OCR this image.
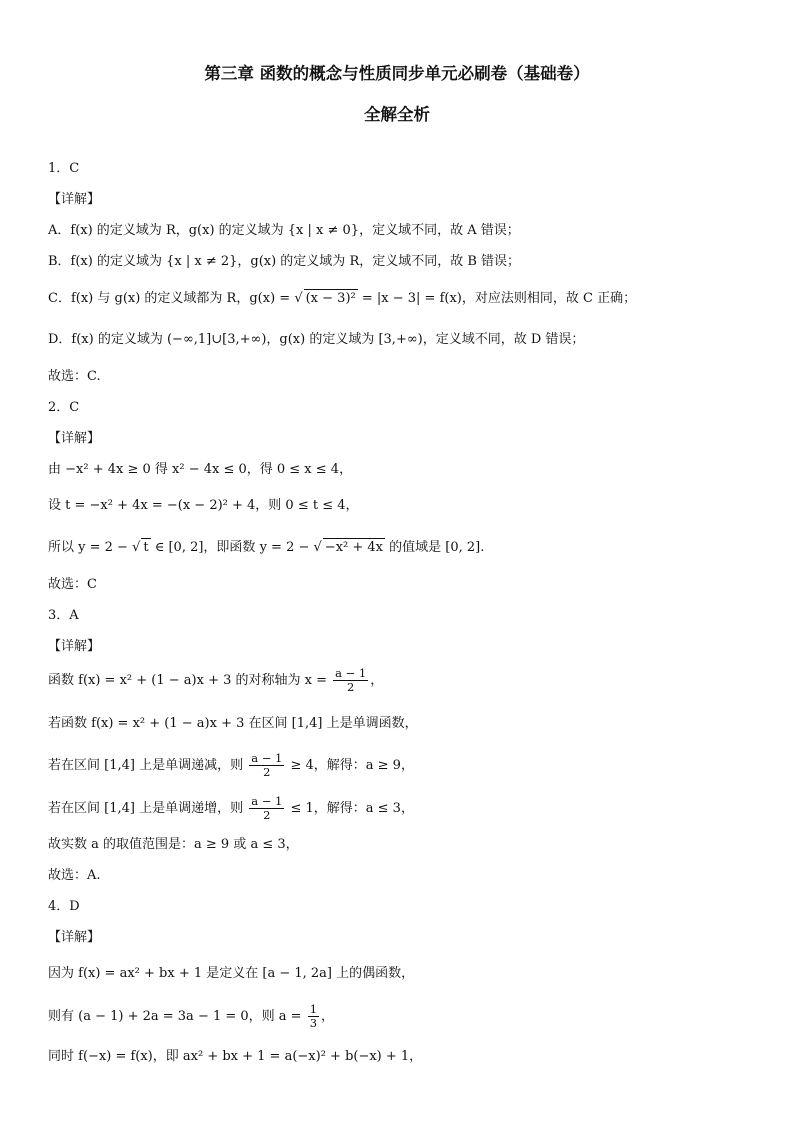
第三章 函数的概念与性质同步单元必刷卷（基础卷）
全解全析
1．C
【详解】
A．f(x) 的定义域为 R，g(x) 的定义域为 {x | x ≠ 0}，定义域不同，故 A 错误；
B．f(x) 的定义域为 {x | x ≠ 2}，g(x) 的定义域为 R，定义域不同，故 B 错误；
C．f(x) 与 g(x) 的定义域都为 R，g(x) = √ (x − 3)² = |x − 3| = f(x)，对应法则相同，故 C 正确；
D．f(x) 的定义域为 (−∞,1]∪[3,+∞)，g(x) 的定义域为 [3,+∞)，定义域不同，故 D 错误；
故选：C.
2．C
【详解】
由 −x² + 4x ≥ 0 得 x² − 4x ≤ 0，得 0 ≤ x ≤ 4，
设 t = −x² + 4x = −(x − 2)² + 4，则 0 ≤ t ≤ 4，
所以 y = 2 − √ t ∈ [0, 2]，即函数 y = 2 − √ −x² + 4x 的值域是 [0, 2].
故选：C
3．A
【详解】
函数 f(x) = x² + (1 − a)x + 3 的对称轴为 $x = \frac{a - 1}{2}$ ，
若函数 f(x) = x² + (1 − a)x + 3 在区间 [1,4] 上是单调函数，
若在区间 [1,4] 上是单调递减，则 $\frac{a - 1}{2} \ge 4$，解得：a ≥ 9，
若在区间 [1,4] 上是单调递增，则 $\frac{a - 1}{2} \le 1$，解得：a ≤ 3，
故实数 a 的取值范围是：a ≥ 9 或 a ≤ 3，
故选：A.
4．D
【详解】
因为 f(x) = ax² + bx + 1 是定义在 [a − 1, 2a] 上的偶函数，
则有 (a − 1) + 2a = 3a − 1 = 0，则 $a = \frac{1}{3}$ ，
同时 f(−x) = f(x)，即 ax² + bx + 1 = a(−x)² + b(−x) + 1，
